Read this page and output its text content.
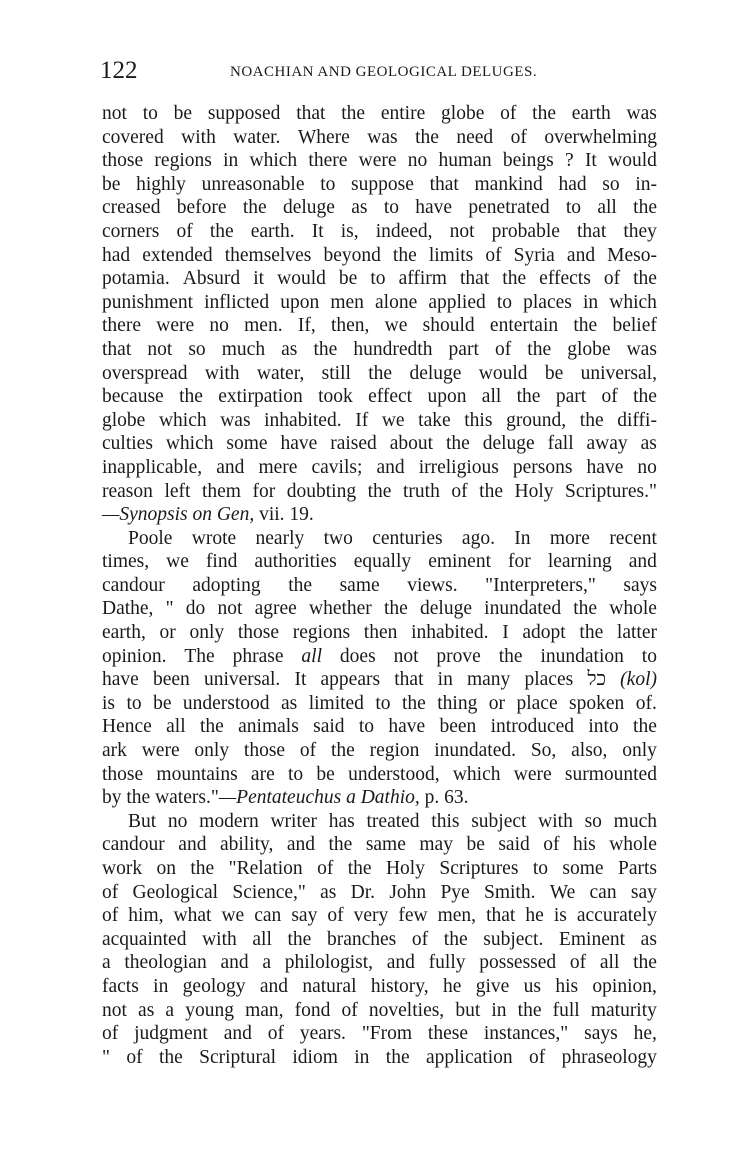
122	NOACHIAN AND GEOLOGICAL DELUGES.
not to be supposed that the entire globe of the earth was
covered with water. Where was the need of overwhelming
those regions in which there were no human beings ? It would
be highly unreasonable to suppose that mankind had so in-
creased before the deluge as to have penetrated to all the
corners of the earth. It is, indeed, not probable that they
had extended themselves beyond the limits of Syria and Meso-
potamia. Absurd it would be to affirm that the effects of the
punishment inflicted upon men alone applied to places in which
there were no men. If, then, we should entertain the belief
that not so much as the hundredth part of the globe was
overspread with water, still the deluge would be universal,
because the extirpation took effect upon all the part of the
globe which was inhabited. If we take this ground, the diffi-
culties which some have raised about the deluge fall away as
inapplicable, and mere cavils; and irreligious persons have no
reason left them for doubting the truth of the Holy Scriptures."
—Synopsis on Gen, vii. 19.
Poole wrote nearly two centuries ago. In more recent
times, we find authorities equally eminent for learning and
candour adopting the same views. "Interpreters," says
Dathe, " do not agree whether the deluge inundated the whole
earth, or only those regions then inhabited. I adopt the latter
opinion. The phrase all does not prove the inundation to
have been universal. It appears that in many places כל (kol)
is to be understood as limited to the thing or place spoken of.
Hence all the animals said to have been introduced into the
ark were only those of the region inundated. So, also, only
those mountains are to be understood, which were surmounted
by the waters." —Pentateuchus a Dathio, p. 63.
But no modern writer has treated this subject with so much
candour and ability, and the same may be said of his whole
work on the "Relation of the Holy Scriptures to some Parts
of Geological Science," as Dr. John Pye Smith. We can say
of him, what we can say of very few men, that he is accurately
acquainted with all the branches of the subject. Eminent as
a theologian and a philologist, and fully possessed of all the
facts in geology and natural history, he give us his opinion,
not as a young man, fond of novelties, but in the full maturity
of judgment and of years. "From these instances," says he,
" of the Scriptural idiom in the application of phraseology
